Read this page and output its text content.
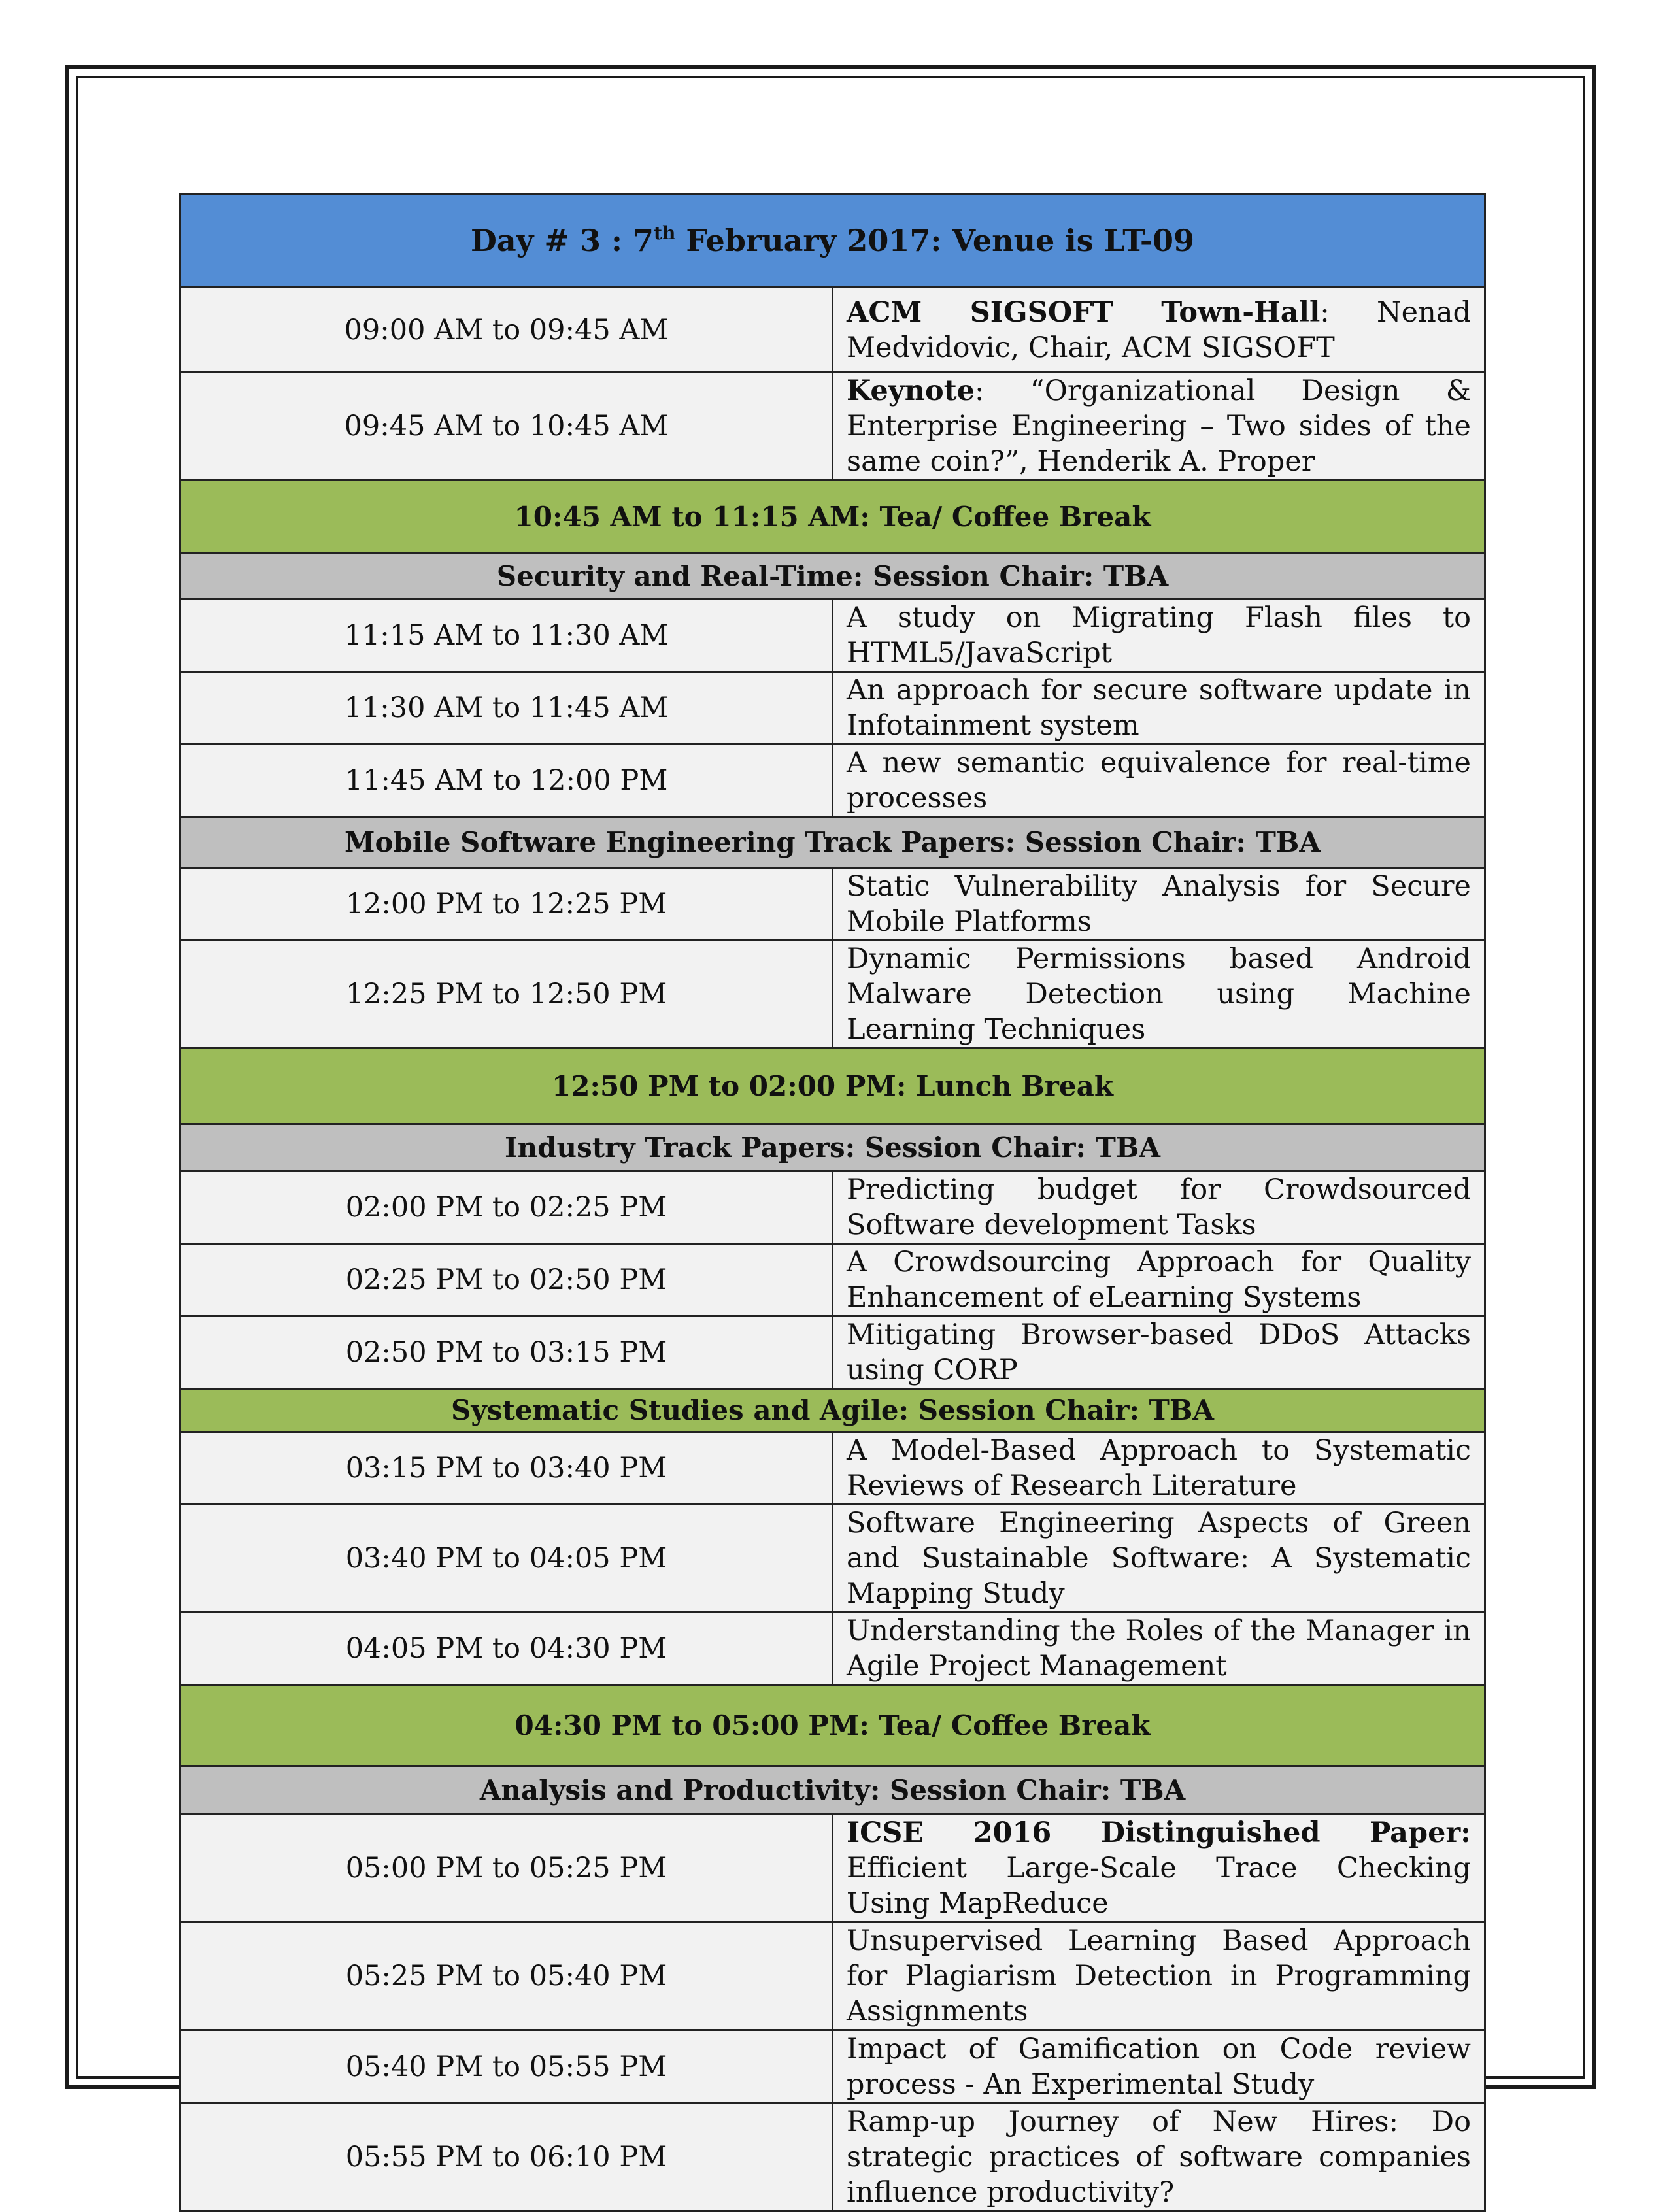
Day # 3 : 7th February 2017: Venue is LT-09	
09:00 AM to 09:45 AM	ACM SIGSOFT Town-Hall: Nenad Medvidovic, Chair, ACM SIGSOFT
09:45 AM to 10:45 AM	Keynote: “Organizational Design & Enterprise Engineering – Two sides of the same coin?”, Henderik A. Proper
10:45 AM to 11:15 AM: Tea/ Coffee Break	
Security and Real-Time: Session Chair: TBA	
11:15 AM to 11:30 AM	A study on Migrating Flash files to HTML5/JavaScript
11:30 AM to 11:45 AM	An approach for secure software update in Infotainment system
11:45 AM to 12:00 PM	A new semantic equivalence for real-time processes
Mobile Software Engineering Track Papers: Session Chair: TBA	
12:00 PM to 12:25 PM	Static Vulnerability Analysis for Secure Mobile Platforms
12:25 PM to 12:50 PM	Dynamic Permissions based Android Malware Detection using Machine Learning Techniques
12:50 PM to 02:00 PM: Lunch Break	
Industry Track Papers: Session Chair: TBA	
02:00 PM to 02:25 PM	Predicting budget for Crowdsourced Software development Tasks
02:25 PM to 02:50 PM	A Crowdsourcing Approach for Quality Enhancement of eLearning Systems
02:50 PM to 03:15 PM	Mitigating Browser-based DDoS Attacks using CORP
Systematic Studies and Agile: Session Chair: TBA	
03:15 PM to 03:40 PM	A Model-Based Approach to Systematic Reviews of Research Literature
03:40 PM to 04:05 PM	Software Engineering Aspects of Green and Sustainable Software: A Systematic Mapping Study
04:05 PM to 04:30 PM	Understanding the Roles of the Manager in Agile Project Management
04:30 PM to 05:00 PM: Tea/ Coffee Break	
Analysis and Productivity: Session Chair: TBA	
05:00 PM to 05:25 PM	ICSE 2016 Distinguished Paper: Efficient Large-Scale Trace Checking Using MapReduce
05:25 PM to 05:40 PM	Unsupervised Learning Based Approach for Plagiarism Detection in Programming Assignments
05:40 PM to 05:55 PM	Impact of Gamification on Code review process - An Experimental Study
05:55 PM to 06:10 PM	Ramp-up Journey of New Hires: Do strategic practices of software companies influence productivity?
